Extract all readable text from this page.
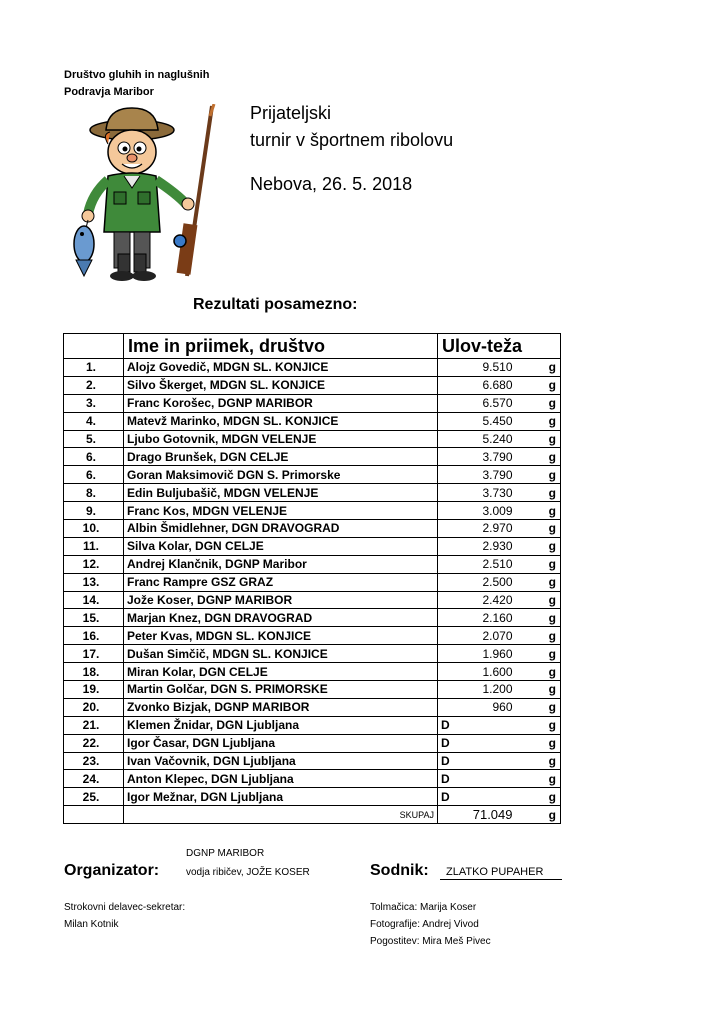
Društvo gluhih in naglušnih
Podravja Maribor
Prijateljski
turnir v športnem ribolovu
Nebova, 26. 5. 2018
Rezultati posamezno:
	Ime in priimek, društvo	Ulov-teža	
1.	Alojz Govedič, MDGN SL. KONJICE	9.510	g
2.	Silvo Škerget, MDGN SL. KONJICE	6.680	g
3.	Franc Korošec, DGNP MARIBOR	6.570	g
4.	Matevž Marinko, MDGN SL. KONJICE	5.450	g
5.	Ljubo Gotovnik, MDGN VELENJE	5.240	g
6.	Drago Brunšek, DGN CELJE	3.790	g
6.	Goran Maksimovič DGN S. Primorske	3.790	g
8.	Edin Buljubašič, MDGN VELENJE	3.730	g
9.	Franc Kos, MDGN VELENJE	3.009	g
10.	Albin Šmidlehner, DGN DRAVOGRAD	2.970	g
11.	Silva Kolar, DGN CELJE	2.930	g
12.	Andrej Klančnik, DGNP Maribor	2.510	g
13.	Franc Rampre GSZ GRAZ	2.500	g
14.	Jože Koser, DGNP MARIBOR	2.420	g
15.	Marjan Knez, DGN DRAVOGRAD	2.160	g
16.	Peter Kvas, MDGN SL. KONJICE	2.070	g
17.	Dušan Simčič, MDGN SL. KONJICE	1.960	g
18.	Miran Kolar, DGN CELJE	1.600	g
19.	Martin Golčar, DGN S. PRIMORSKE	1.200	g
20.	Zvonko Bizjak, DGNP MARIBOR	960	g
21.	Klemen Žnidar, DGN Ljubljana	D	g
22.	Igor Časar, DGN Ljubljana	D	g
23.	Ivan Vačovnik, DGN Ljubljana	D	g
24.	Anton Klepec, DGN Ljubljana	D	g
25.	Igor Mežnar, DGN Ljubljana	D	g
	SKUPAJ	71.049	g
DGNP MARIBOR
Organizator:	vodja ribičev, JOŽE KOSER	Sodnik:	ZLATKO PUPAHER
Strokovni delavec-sekretar:
Milan Kotnik
Tolmačica: Marija Koser
Fotografije: Andrej Vivod
Pogostitev: Mira Meš Pivec
